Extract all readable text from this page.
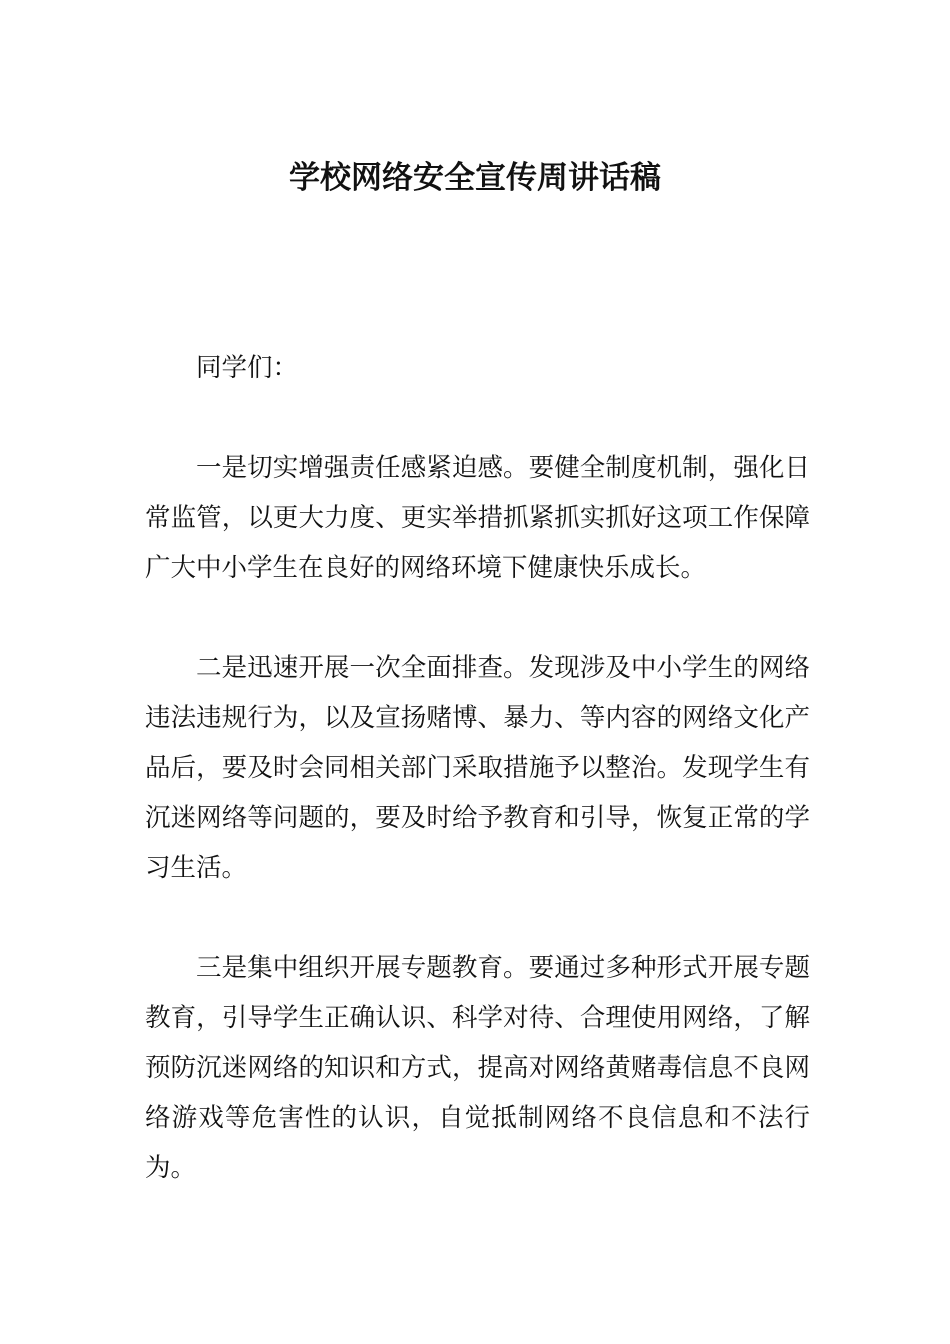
学校网络安全宣传周讲话稿

同学们：

一是切实增强责任感紧迫感。要健全制度机制，强化日常监管，以更大力度、更实举措抓紧抓实抓好这项工作保障广大中小学生在良好的网络环境下健康快乐成长。

二是迅速开展一次全面排查。发现涉及中小学生的网络违法违规行为，以及宣扬赌博、暴力、等内容的网络文化产品后，要及时会同相关部门采取措施予以整治。发现学生有沉迷网络等问题的，要及时给予教育和引导，恢复正常的学习生活。

三是集中组织开展专题教育。要通过多种形式开展专题教育，引导学生正确认识、科学对待、合理使用网络，了解预防沉迷网络的知识和方式，提高对网络黄赌毒信息不良网络游戏等危害性的认识，自觉抵制网络不良信息和不法行为。
